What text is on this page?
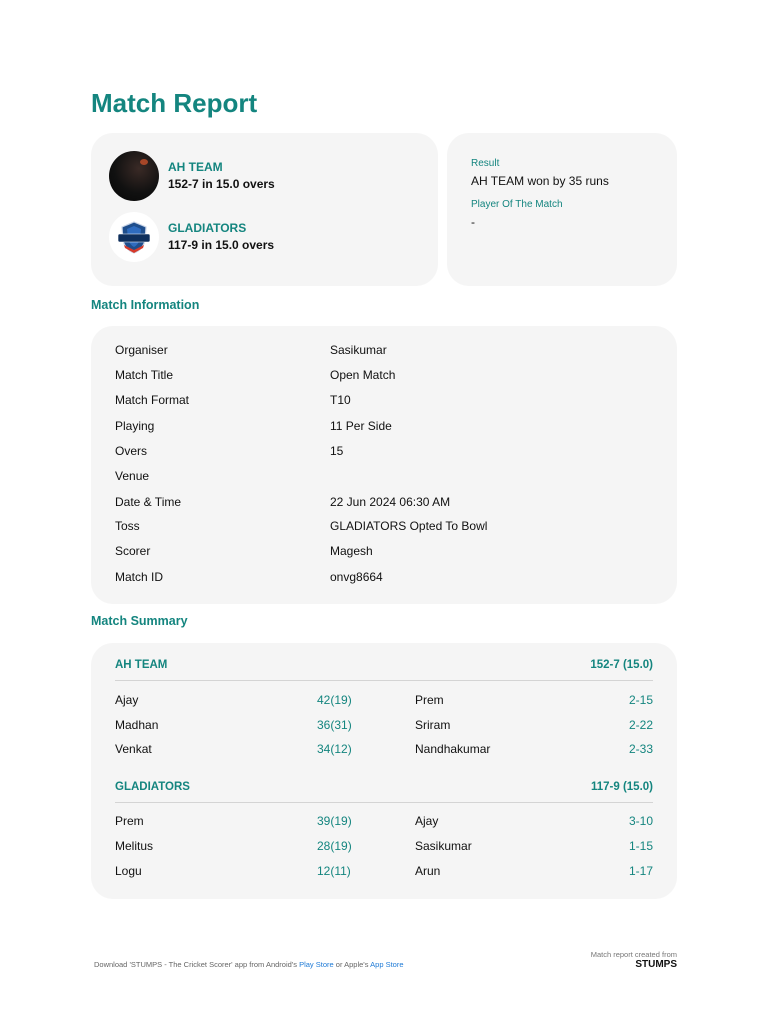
Match Report
AH TEAM
152-7 in 15.0 overs
GLADIATORS
117-9 in 15.0 overs
Result
AH TEAM won by 35 runs
Player Of The Match
-
Match Information
Organiser	Sasikumar
Match Title	Open Match
Match Format	T10
Playing	11 Per Side
Overs	15
Venue
Date & Time	22 Jun 2024 06:30 AM
Toss	GLADIATORS Opted To Bowl
Scorer	Magesh
Match ID	onvg8664
Match Summary
AH TEAM	152-7 (15.0)
Ajay	42(19)	Prem	2-15
Madhan	36(31)	Sriram	2-22
Venkat	34(12)	Nandhakumar	2-33
GLADIATORS	117-9 (15.0)
Prem	39(19)	Ajay	3-10
Melitus	28(19)	Sasikumar	1-15
Logu	12(11)	Arun	1-17
Download 'STUMPS - The Cricket Scorer' app from Android's Play Store or Apple's App Store
Match report created from
STUMPS
